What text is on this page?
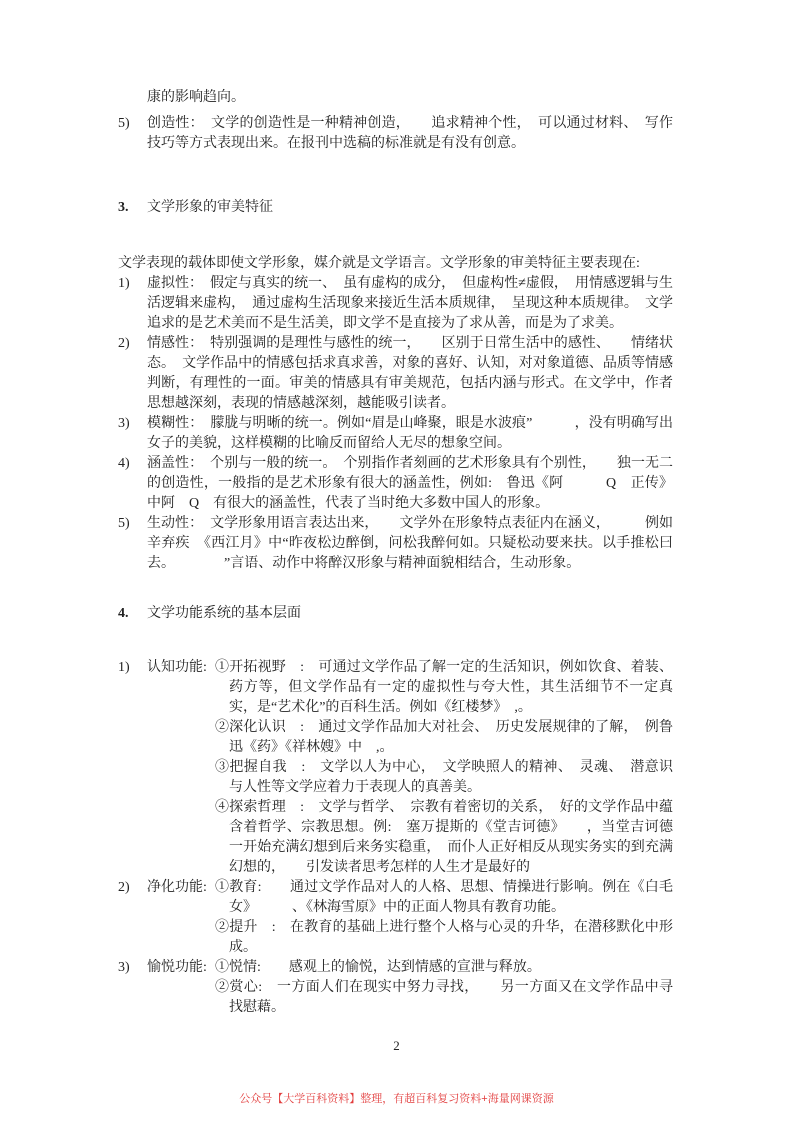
康的影响趋向。

5)	创造性：　文学的创造性是一种精神创造，　　追求精神个性，　可以通过材料、　写作技巧等方式表现出来。在报刊中选稿的标准就是有没有创意。
3.	文学形象的审美特征

文学表现的载体即使文学形象，媒介就是文学语言。文学形象的审美特征主要表现在:

1)	虚拟性：　假定与真实的统一、　虽有虚构的成分，　但虚构性≠虚假，　用情感逻辑与生活逻辑来虚构，　通过虚构生活现象来接近生活本质规律，　呈现这种本质规律。　文学追求的是艺术美而不是生活美，即文学不是直接为了求从善，而是为了求美。
2)	情感性：　特别强调的是理性与感性的统一，　　区别于日常生活中的感性、　　情绪状态。　文学作品中的情感包括求真求善，对象的喜好、认知，对对象道德、品质等情感判断，有理性的一面。审美的情感具有审美规范，包括内涵与形式。在文学中，作者思想越深刻，表现的情感越深刻，越能吸引读者。
3)	模糊性：　朦胧与明晰的统一。例如“眉是山峰聚，眼是水波痕”　　　，没有明确写出女子的美貌，这样模糊的比喻反而留给人无尽的想象空间。
4)	涵盖性：　个别与一般的统一。　个别指作者刻画的艺术形象具有个别性，　　独一无二的创造性，一般指的是艺术形象有很大的涵盖性，例如:　鲁迅《阿　　　Q　正传》中阿　Q　有很大的涵盖性，代表了当时绝大多数中国人的形象。
5)	生动性：　文学形象用语言表达出来，　　文学外在形象特点表征内在涵义，　　　例如辛弃疾　《西江月》中“昨夜松边醉倒，问松我醉何如。只疑松动要来扶。以手推松曰去。　　　　”言语、动作中将醉汉形象与精神面貌相结合，生动形象。
4.	文学功能系统的基本层面
1)	认知功能: ①开拓视野　:　可通过文学作品了解一定的生活知识，例如饮食、着装、药方等，但文学作品有一定的虚拟性与夸大性，其生活细节不一定真实，是“艺术化”的百科生活。例如《红楼梦》　,。
②深化认识　:　通过文学作品加大对社会、　历史发展规律的了解，　例鲁迅《药》《祥林嫂》中　,。
③把握自我　:　文学以人为中心，　文学映照人的精神、　灵魂、　潜意识与人性等文学应着力于表现人的真善美。
④探索哲理　:　文学与哲学、　宗教有着密切的关系，　好的文学作品中蕴含着哲学、宗教思想。例:　塞万提斯的《堂吉诃德》　　，当堂吉诃德一开始充满幻想到后来务实稳重，　而仆人正好相反从现实务实的到充满幻想的，　　引发读者思考怎样的人生才是最好的
2)	净化功能: ①教育:　　通过文学作品对人的人格、思想、情操进行影响。例在《白毛女》　　　、《林海雪原》中的正面人物具有教育功能。
②提升　:　在教育的基础上进行整个人格与心灵的升华，在潜移默化中形成。
3)	愉悦功能: ①悦情:　　感观上的愉悦，达到情感的宣泄与释放。
②赏心:　一方面人们在现实中努力寻找，　　另一方面又在文学作品中寻找慰藉。
2
公众号【大学百科资料】整理，有超百科复习资料+海量网课资源
